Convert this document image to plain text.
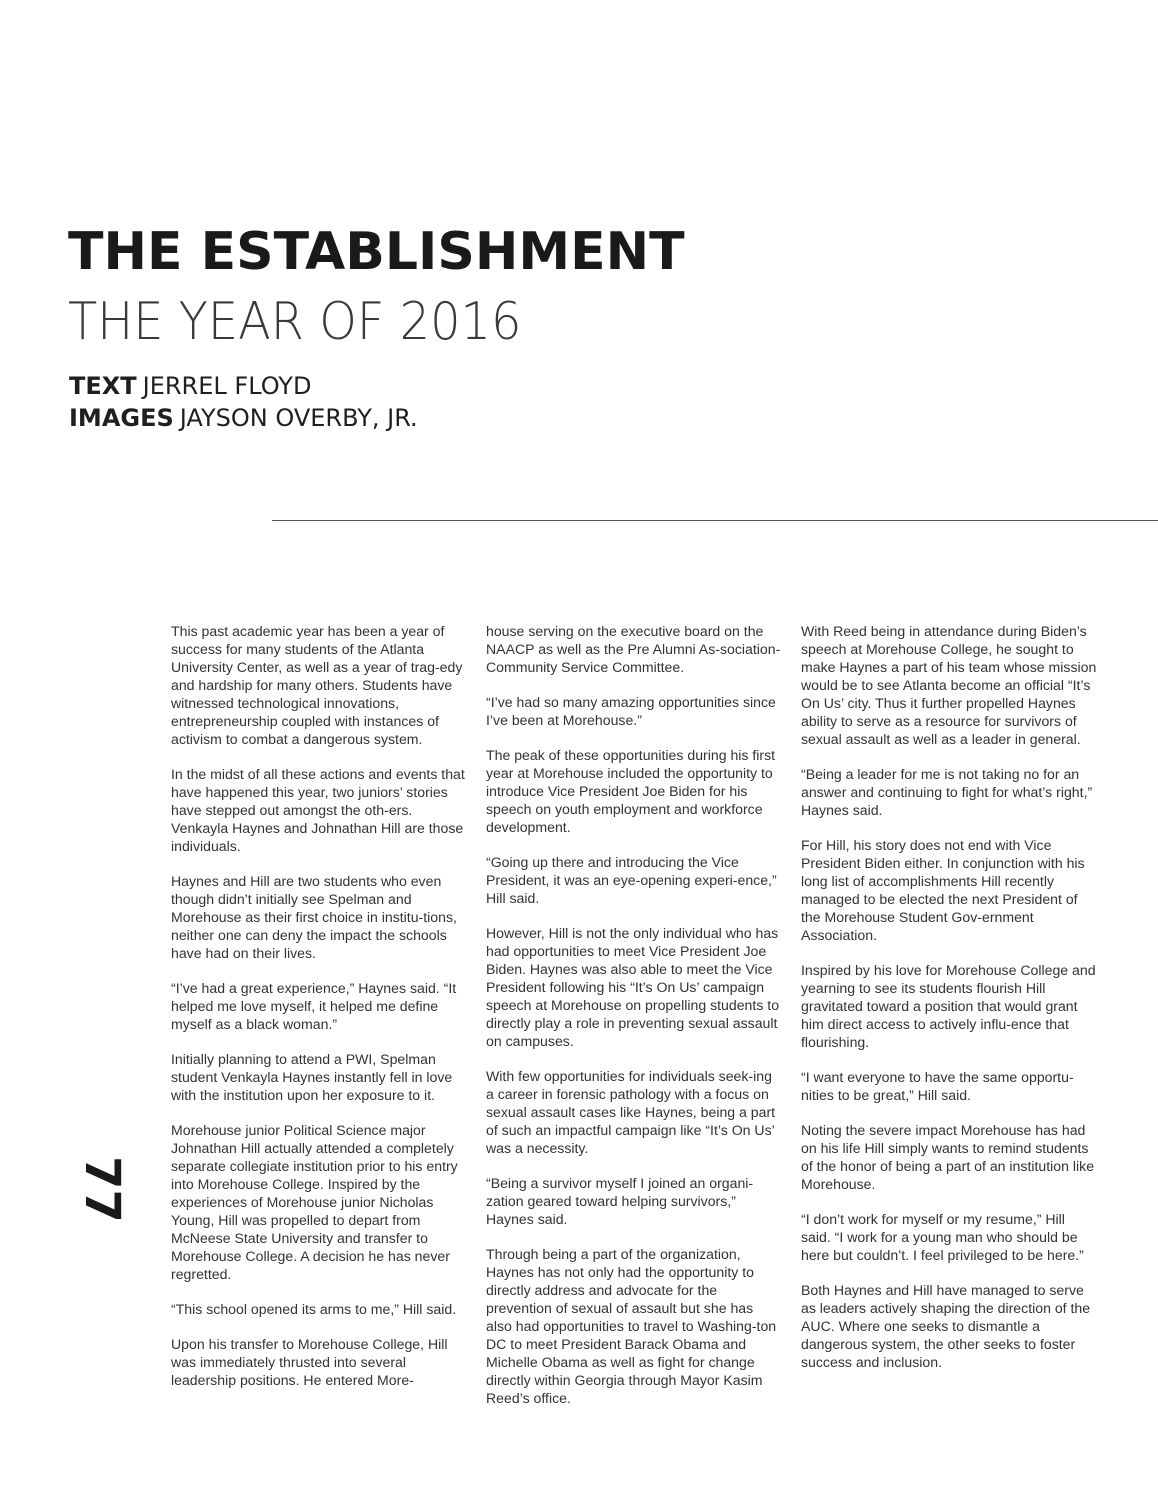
THE ESTABLISHMENT
THE YEAR OF 2016
TEXT JERREL FLOYD
IMAGES JAYSON OVERBY, JR.
77

This past academic year has been a year of success for many students of the Atlanta University Center, as well as a year of trag-edy and hardship for many others. Students have witnessed technological innovations, entrepreneurship coupled with instances of activism to combat a dangerous system.

In the midst of all these actions and events that have happened this year, two juniors’ stories have stepped out amongst the oth-ers. Venkayla Haynes and Johnathan Hill are those individuals.

Haynes and Hill are two students who even though didn’t initially see Spelman and Morehouse as their first choice in institu-tions, neither one can deny the impact the schools have had on their lives.

“I’ve had a great experience,” Haynes said. “It helped me love myself, it helped me define myself as a black woman.”

Initially planning to attend a PWI, Spelman student Venkayla Haynes instantly fell in love with the institution upon her exposure to it.

Morehouse junior Political Science major Johnathan Hill actually attended a completely separate collegiate institution prior to his entry into Morehouse College. Inspired by the experiences of Morehouse junior Nicholas Young, Hill was propelled to depart from McNeese State University and transfer to Morehouse College. A decision he has never regretted.

“This school opened its arms to me,” Hill said.

Upon his transfer to Morehouse College, Hill was immediately thrusted into several leadership positions. He entered More-

house serving on the executive board on the NAACP as well as the Pre Alumni As-sociation- Community Service Committee.

“I’ve had so many amazing opportunities since I’ve been at Morehouse.”

The peak of these opportunities during his first year at Morehouse included the opportunity to introduce Vice President Joe Biden for his speech on youth employment and workforce development.

“Going up there and introducing the Vice President, it was an eye-opening experi-ence,” Hill said.

However, Hill is not the only individual who has had opportunities to meet Vice President Joe Biden. Haynes was also able to meet the Vice President following his “It’s On Us’ campaign speech at Morehouse on propelling students to directly play a role in preventing sexual assault on campuses.

With few opportunities for individuals seek-ing a career in forensic pathology with a focus on sexual assault cases like Haynes, being a part of such an impactful campaign like “It’s On Us’ was a necessity.

“Being a survivor myself I joined an organi-zation geared toward helping survivors,” Haynes said.

Through being a part of the organization, Haynes has not only had the opportunity to directly address and advocate for the prevention of sexual of assault but she has also had opportunities to travel to Washing-ton DC to meet President Barack Obama and Michelle Obama as well as fight for change directly within Georgia through Mayor Kasim Reed’s office.

With Reed being in attendance during Biden’s speech at Morehouse College, he sought to make Haynes a part of his team whose mission would be to see Atlanta become an official “It’s On Us’ city. Thus it further propelled Haynes ability to serve as a resource for survivors of sexual assault as well as a leader in general.

“Being a leader for me is not taking no for an answer and continuing to fight for what’s right,” Haynes said.

For Hill, his story does not end with Vice President Biden either. In conjunction with his long list of accomplishments Hill recently managed to be elected the next President of the Morehouse Student Gov-ernment Association.

Inspired by his love for Morehouse College and yearning to see its students flourish Hill gravitated toward a position that would grant him direct access to actively influ-ence that flourishing.

“I want everyone to have the same opportu-nities to be great,” Hill said.

Noting the severe impact Morehouse has had on his life Hill simply wants to remind students of the honor of being a part of an institution like Morehouse.

“I don’t work for myself or my resume,” Hill said. “I work for a young man who should be here but couldn’t. I feel privileged to be here.”

Both Haynes and Hill have managed to serve as leaders actively shaping the direction of the AUC. Where one seeks to dismantle a dangerous system, the other seeks to foster success and inclusion.
